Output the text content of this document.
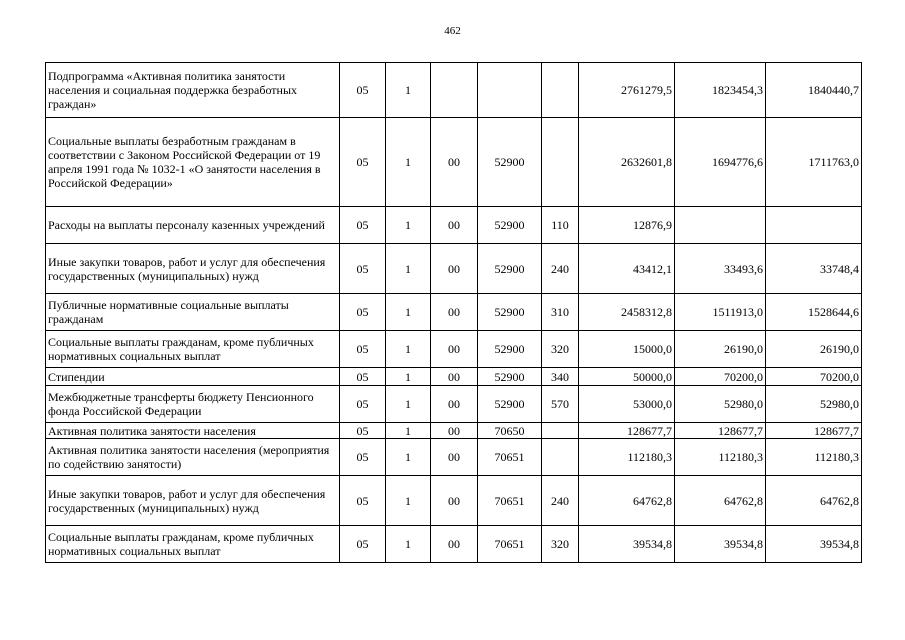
462
Подпрограмма «Активная политика занятости населения и социальная поддержка безработных граждан»	05	1				2761279,5	1823454,3	1840440,7
Социальные выплаты безработным гражданам в соответствии с Законом Российской Федерации от 19 апреля 1991 года № 1032-1 «О занятости населения в Российской Федерации»	05	1	00	52900		2632601,8	1694776,6	1711763,0
Расходы на выплаты персоналу казенных учреждений	05	1	00	52900	110	12876,9		
Иные закупки товаров, работ и услуг для обеспечения государственных (муниципальных) нужд	05	1	00	52900	240	43412,1	33493,6	33748,4
Публичные нормативные социальные выплаты гражданам	05	1	00	52900	310	2458312,8	1511913,0	1528644,6
Социальные выплаты гражданам, кроме публичных нормативных социальных выплат	05	1	00	52900	320	15000,0	26190,0	26190,0
Стипендии	05	1	00	52900	340	50000,0	70200,0	70200,0
Межбюджетные трансферты бюджету Пенсионного фонда Российской Федерации	05	1	00	52900	570	53000,0	52980,0	52980,0
Активная политика занятости населения	05	1	00	70650		128677,7	128677,7	128677,7
Активная политика занятости населения (мероприятия по содействию занятости)	05	1	00	70651		112180,3	112180,3	112180,3
Иные закупки товаров, работ и услуг для обеспечения государственных (муниципальных) нужд	05	1	00	70651	240	64762,8	64762,8	64762,8
Социальные выплаты гражданам, кроме публичных нормативных социальных выплат	05	1	00	70651	320	39534,8	39534,8	39534,8
